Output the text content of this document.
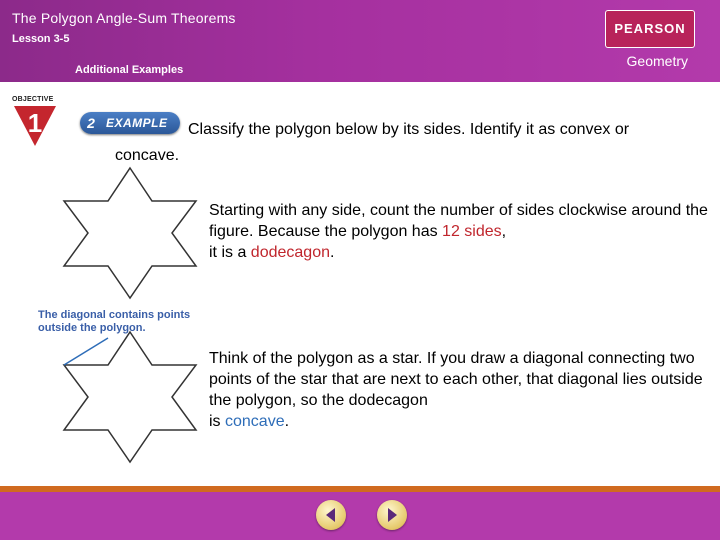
The Polygon Angle-Sum Theorems
Lesson 3-5
Additional Examples
Geometry
PEARSON
OBJECTIVE
1	2 EXAMPLE Classify the polygon below by its sides. Identify it as convex or
concave.
Starting with any side, count the number of sides clockwise around the figure. Because the polygon has 12 sides,
it is a dodecagon.
The diagonal contains points
outside the polygon.
Think of the polygon as a star. If you draw a diagonal connecting two points of the star that are next to each other, that diagonal lies outside the polygon, so the dodecagon
is concave.
